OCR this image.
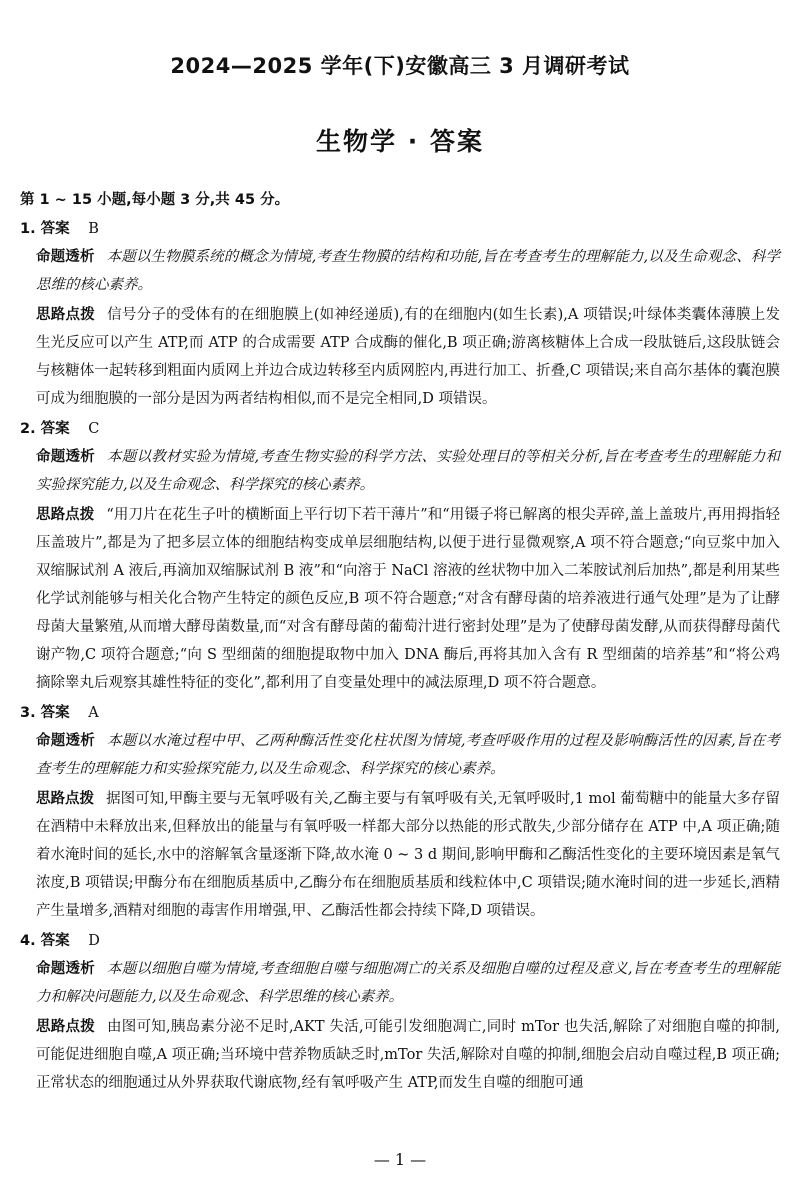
2024—2025 学年(下)安徽高三 3 月调研考试
生物学 · 答案

第 1 ~ 15 小题,每小题 3 分,共 45 分。

1. 答案 B

命题透析 本题以生物膜系统的概念为情境,考查生物膜的结构和功能,旨在考查考生的理解能力,以及生命观念、科学思维的核心素养。

思路点拨 信号分子的受体有的在细胞膜上(如神经递质),有的在细胞内(如生长素),A 项错误;叶绿体类囊体薄膜上发生光反应可以产生 ATP,而 ATP 的合成需要 ATP 合成酶的催化,B 项正确;游离核糖体上合成一段肽链后,这段肽链会与核糖体一起转移到粗面内质网上并边合成边转移至内质网腔内,再进行加工、折叠,C 项错误;来自高尔基体的囊泡膜可成为细胞膜的一部分是因为两者结构相似,而不是完全相同,D 项错误。

2. 答案 C

命题透析 本题以教材实验为情境,考查生物实验的科学方法、实验处理目的等相关分析,旨在考查考生的理解能力和实验探究能力,以及生命观念、科学探究的核心素养。

思路点拨 “用刀片在花生子叶的横断面上平行切下若干薄片”和“用镊子将已解离的根尖弄碎,盖上盖玻片,再用拇指轻压盖玻片”,都是为了把多层立体的细胞结构变成单层细胞结构,以便于进行显微观察,A 项不符合题意;“向豆浆中加入双缩脲试剂 A 液后,再滴加双缩脲试剂 B 液”和“向溶于 NaCl 溶液的丝状物中加入二苯胺试剂后加热”,都是利用某些化学试剂能够与相关化合物产生特定的颜色反应,B 项不符合题意;“对含有酵母菌的培养液进行通气处理”是为了让酵母菌大量繁殖,从而增大酵母菌数量,而“对含有酵母菌的葡萄汁进行密封处理”是为了使酵母菌发酵,从而获得酵母菌代谢产物,C 项符合题意;“向 S 型细菌的细胞提取物中加入 DNA 酶后,再将其加入含有 R 型细菌的培养基”和“将公鸡摘除睾丸后观察其雄性特征的变化”,都利用了自变量处理中的减法原理,D 项不符合题意。

3. 答案 A

命题透析 本题以水淹过程中甲、乙两种酶活性变化柱状图为情境,考查呼吸作用的过程及影响酶活性的因素,旨在考查考生的理解能力和实验探究能力,以及生命观念、科学探究的核心素养。

思路点拨 据图可知,甲酶主要与无氧呼吸有关,乙酶主要与有氧呼吸有关,无氧呼吸时,1 mol 葡萄糖中的能量大多存留在酒精中未释放出来,但释放出的能量与有氧呼吸一样都大部分以热能的形式散失,少部分储存在 ATP 中,A 项正确;随着水淹时间的延长,水中的溶解氧含量逐渐下降,故水淹 0 ~ 3 d 期间,影响甲酶和乙酶活性变化的主要环境因素是氧气浓度,B 项错误;甲酶分布在细胞质基质中,乙酶分布在细胞质基质和线粒体中,C 项错误;随水淹时间的进一步延长,酒精产生量增多,酒精对细胞的毒害作用增强,甲、乙酶活性都会持续下降,D 项错误。

4. 答案 D

命题透析 本题以细胞自噬为情境,考查细胞自噬与细胞凋亡的关系及细胞自噬的过程及意义,旨在考查考生的理解能力和解决问题能力,以及生命观念、科学思维的核心素养。

思路点拨 由图可知,胰岛素分泌不足时,AKT 失活,可能引发细胞凋亡,同时 mTor 也失活,解除了对细胞自噬的抑制,可能促进细胞自噬,A 项正确;当环境中营养物质缺乏时,mTor 失活,解除对自噬的抑制,细胞会启动自噬过程,B 项正确;正常状态的细胞通过从外界获取代谢底物,经有氧呼吸产生 ATP,而发生自噬的细胞可通

— 1 —
